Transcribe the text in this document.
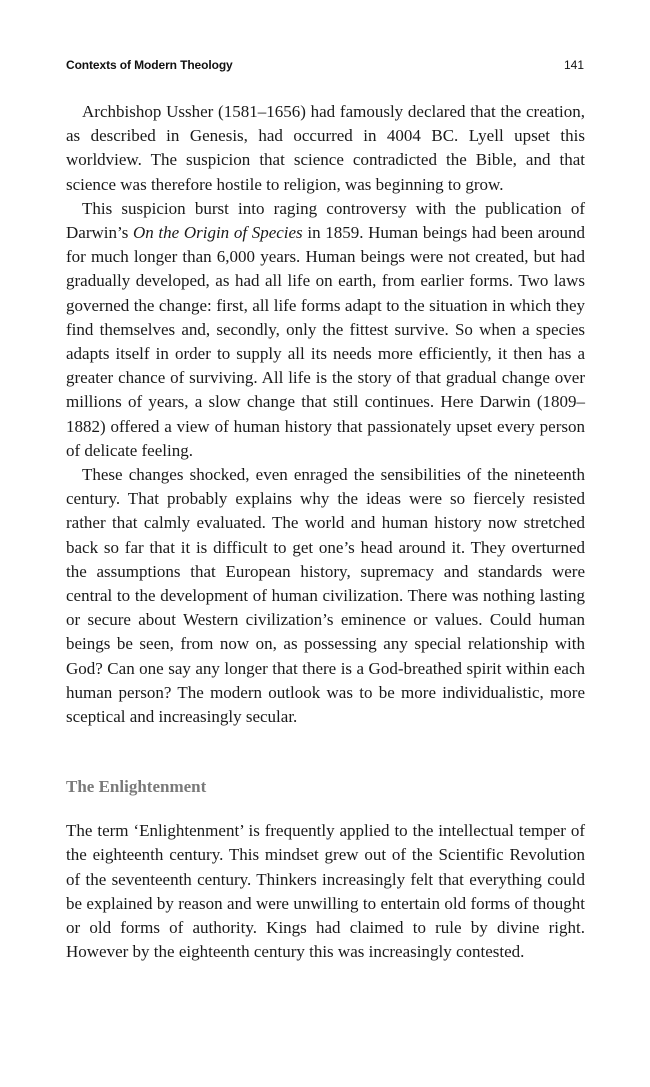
Contexts of Modern Theology	141

Archbishop Ussher (1581–1656) had famously declared that the creation, as described in Genesis, had occurred in 4004 BC. Lyell upset this worldview. The suspicion that science contradicted the Bible, and that science was therefore hostile to religion, was beginning to grow.

This suspicion burst into raging controversy with the publication of Darwin’s On the Origin of Species in 1859. Human beings had been around for much longer than 6,000 years. Human beings were not created, but had gradually developed, as had all life on earth, from earlier forms. Two laws governed the change: first, all life forms adapt to the situation in which they find themselves and, secondly, only the fittest survive. So when a species adapts itself in order to supply all its needs more efficiently, it then has a greater chance of surviving. All life is the story of that gradual change over millions of years, a slow change that still continues. Here Darwin (1809–1882) offered a view of human history that passionately upset every person of delicate feeling.

These changes shocked, even enraged the sensibilities of the nineteenth century. That probably explains why the ideas were so fiercely resisted rather that calmly evaluated. The world and human history now stretched back so far that it is difficult to get one’s head around it. They overturned the assumptions that European history, supremacy and standards were central to the development of human civilization. There was nothing lasting or secure about Western civilization’s eminence or values. Could human beings be seen, from now on, as possessing any special relationship with God? Can one say any longer that there is a God-breathed spirit within each human person? The modern outlook was to be more individualistic, more sceptical and increasingly secular.

The Enlightenment

The term ‘Enlightenment’ is frequently applied to the intellectual temper of the eighteenth century. This mindset grew out of the Scientific Revolution of the seventeenth century. Thinkers increasingly felt that everything could be explained by reason and were unwilling to entertain old forms of thought or old forms of authority. Kings had claimed to rule by divine right. However by the eighteenth century this was increasingly contested.
